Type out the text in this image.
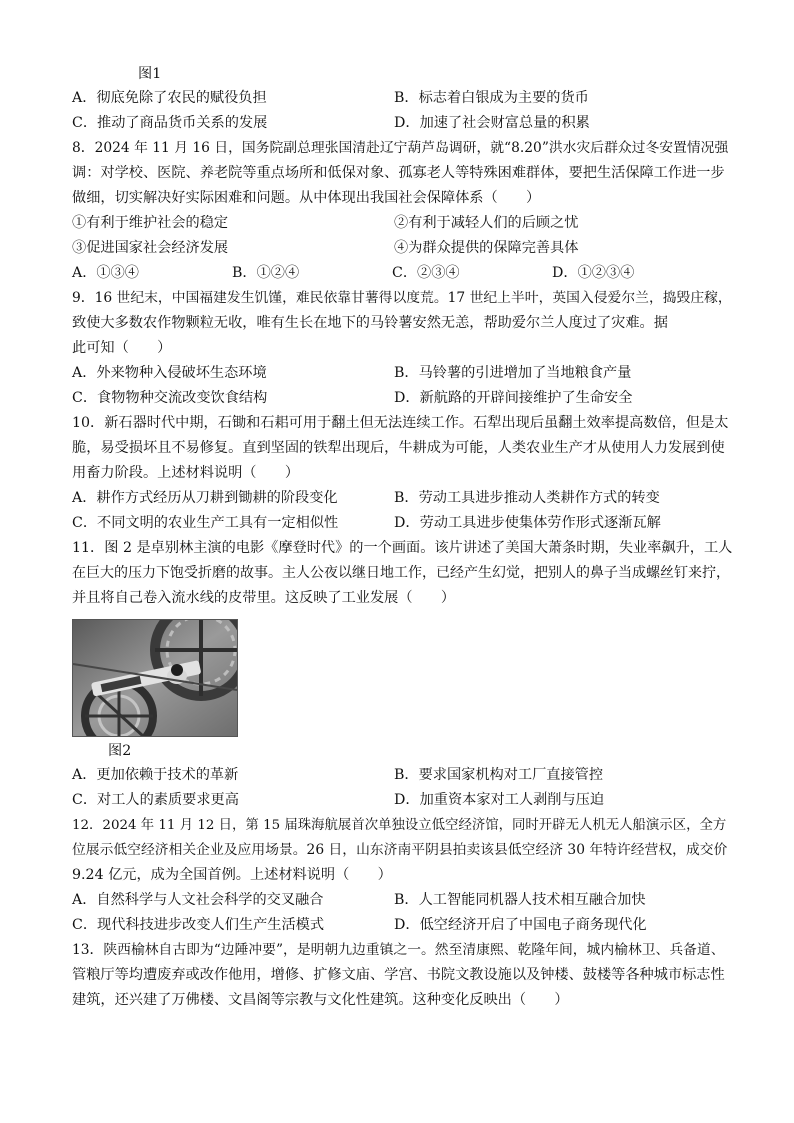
图1
A．彻底免除了农民的赋役负担	B．标志着白银成为主要的货币
C．推动了商品货币关系的发展	D．加速了社会财富总量的积累
8．2024 年 11 月 16 日，国务院副总理张国清赴辽宁葫芦岛调研，就“8.20”洪水灾后群众过冬安置情况强
调：对学校、医院、养老院等重点场所和低保对象、孤寡老人等特殊困难群体，要把生活保障工作进一步
做细，切实解决好实际困难和问题。从中体现出我国社会保障体系（　　）
①有利于维护社会的稳定	②有利于减轻人们的后顾之忧
③促进国家社会经济发展	④为群众提供的保障完善具体
A．①③④	B．①②④	C．②③④	D．①②③④
9．16 世纪末，中国福建发生饥馑，难民依靠甘薯得以度荒。17 世纪上半叶，英国入侵爱尔兰，捣毁庄稼，
致使大多数农作物颗粒无收，唯有生长在地下的马铃薯安然无恙，帮助爱尔兰人度过了灾难。据
此可知（　　）
A．外来物种入侵破坏生态环境	B．马铃薯的引进增加了当地粮食产量
C．食物物种交流改变饮食结构	D．新航路的开辟间接维护了生命安全
10．新石器时代中期，石锄和石耜可用于翻土但无法连续工作。石犁出现后虽翻土效率提高数倍，但是太
脆，易受损坏且不易修复。直到坚固的铁犁出现后，牛耕成为可能，人类农业生产才从使用人力发展到使
用畜力阶段。上述材料说明（　　）
A．耕作方式经历从刀耕到锄耕的阶段变化	B．劳动工具进步推动人类耕作方式的转变
C．不同文明的农业生产工具有一定相似性	D．劳动工具进步使集体劳作形式逐渐瓦解
11．图 2 是卓别林主演的电影《摩登时代》的一个画面。该片讲述了美国大萧条时期，失业率飙升，工人
在巨大的压力下饱受折磨的故事。主人公夜以继日地工作，已经产生幻觉，把别人的鼻子当成螺丝钉来拧，
并且将自己卷入流水线的皮带里。这反映了工业发展（　　）
图2
A．更加依赖于技术的革新	B．要求国家机构对工厂直接管控
C．对工人的素质要求更高	D．加重资本家对工人剥削与压迫
12．2024 年 11 月 12 日，第 15 届珠海航展首次单独设立低空经济馆，同时开辟无人机无人船演示区，全方
位展示低空经济相关企业及应用场景。26 日，山东济南平阴县拍卖该县低空经济 30 年特许经营权，成交价
9.24 亿元，成为全国首例。上述材料说明（　　）
A．自然科学与人文社会科学的交叉融合	B．人工智能同机器人技术相互融合加快
C．现代科技进步改变人们生产生活模式	D．低空经济开启了中国电子商务现代化
13．陕西榆林自古即为“边陲冲要”，是明朝九边重镇之一。然至清康熙、乾隆年间，城内榆林卫、兵备道、
管粮厅等均遭废弃或改作他用，增修、扩修文庙、学宫、书院文教设施以及钟楼、鼓楼等各种城市标志性
建筑，还兴建了万佛楼、文昌阁等宗教与文化性建筑。这种变化反映出（　　）
